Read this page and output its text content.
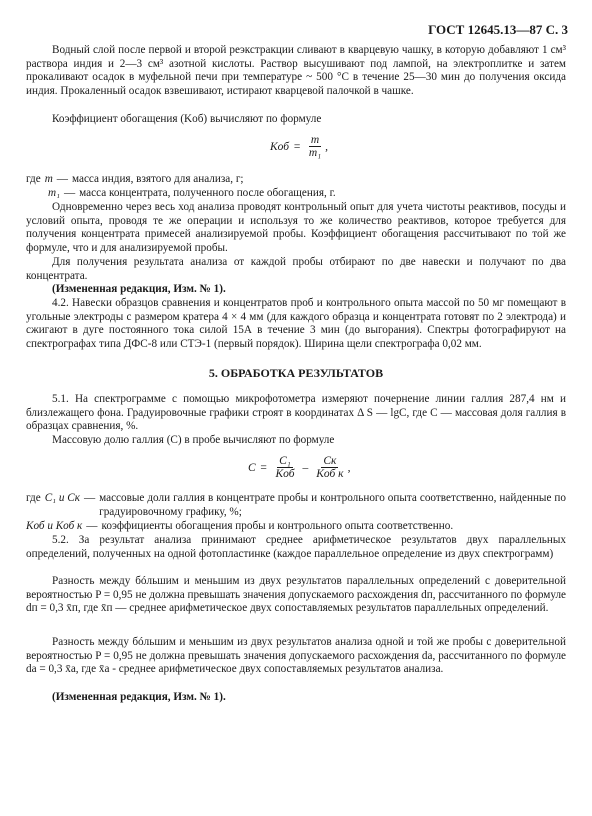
ГОСТ 12645.13—87 С. 3

Водный слой после первой и второй реэкстракции сливают в кварцевую чашку, в которую добавляют 1 см³ раствора индия и 2—3 см³ азотной кислоты. Раствор высушивают под лампой, на электроплитке и затем прокаливают осадок в муфельной печи при температуре ~ 500 °С в течение 25—30 мин до получения оксида индия. Прокаленный осадок взвешивают, истирают кварцевой палочкой в чашке.

Коэффициент обогащения (Kоб) вычисляют по формуле

Kоб = $\frac{m}{\text{m₁}}$ ,
где m — масса индия, взятого для анализа, г;
m₁ — масса концентрата, полученного после обогащения, г.

Одновременно через весь ход анализа проводят контрольный опыт для учета чистоты реактивов, посуды и условий опыта, проводя те же операции и используя то же количество реактивов, которое требуется для получения концентрата примесей анализируемой пробы. Коэффициент обогащения рассчитывают по той же формуле, что и для анализируемой пробы.

Для получения результата анализа от каждой пробы отбирают по две навески и получают по два концентрата.

(Измененная редакция, Изм. № 1).

4.2. Навески образцов сравнения и концентратов проб и контрольного опыта массой по 50 мг помещают в угольные электроды с размером кратера 4 × 4 мм (для каждого образца и концентрата готовят по 2 электрода) и сжигают в дуге постоянного тока силой 15А в течение 3 мин (до выгорания). Спектры фотографируют на спектрографах типа ДФС-8 или СТЭ-1 (первый порядок). Ширина щели спектрографа 0,02 мм.

5. ОБРАБОТКА РЕЗУЛЬТАТОВ

5.1. На спектрограмме с помощью микрофотометра измеряют почернение линии галлия 287,4 нм и близлежащего фона. Градуировочные графики строят в координатах Δ S — lgC, где C — массовая доля галлия в образцах сравнения, %.

Массовую долю галлия (C) в пробе вычисляют по формуле

$C = \frac{\text{C₁}}{\text{Kоб}} - \frac{Cк}{\text{Kоб к}}$ ,
где C₁ и Cк — массовые доли галлия в концентрате пробы и контрольного опыта соответственно, найденные по градуировочному графику, %;
Kоб и Kоб к — коэффициенты обогащения пробы и контрольного опыта соответственно.

5.2. За результат анализа принимают среднее арифметическое результатов двух параллельных определений, полученных на одной фотопластинке (каждое параллельное определение из двух спектрограмм)

Разность между бóльшим и меньшим из двух результатов параллельных определений с доверительной вероятностью P = 0,95 не должна превышать значения допускаемого расхождения dп, рассчитанного по формуле dп = 0,3 x̄п, где x̄п — среднее арифметическое двух сопоставляемых результатов параллельных определений.

Разность между бóльшим и меньшим из двух результатов анализа одной и той же пробы с доверительной вероятностью P = 0,95 не должна превышать значения допускаемого расхождения dа, рассчитанного по формуле dа = 0,3 x̄а, где x̄а - среднее арифметическое двух сопоставляемых результатов анализа.

(Измененная редакция, Изм. № 1).
